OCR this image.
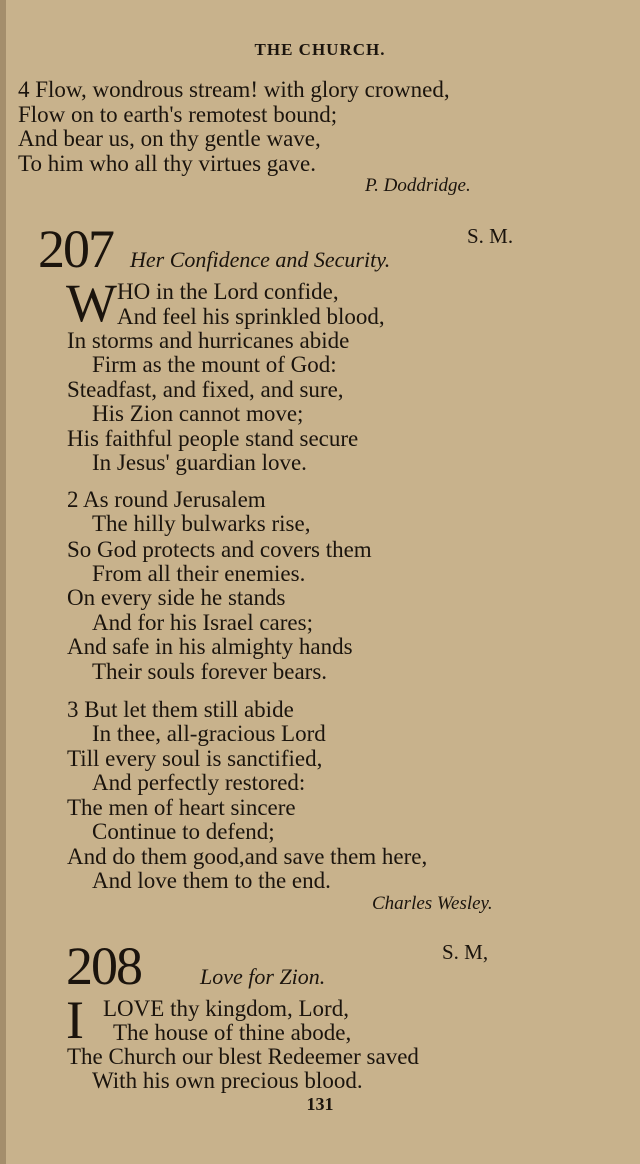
THE CHURCH.
4 Flow, wondrous stream! with glory crowned,
Flow on to earth's remotest bound;
And bear us, on thy gentle wave,
To him who all thy virtues gave.
P. Doddridge.
207	S. M.
Her Confidence and Security.
W HO in the Lord confide,
And feel his sprinkled blood,
In storms and hurricanes abide
Firm as the mount of God:
Steadfast, and fixed, and sure,
His Zion cannot move;
His faithful people stand secure
In Jesus' guardian love.
2 As round Jerusalem
The hilly bulwarks rise,
So God protects and covers them
From all their enemies.
On every side he stands
And for his Israel cares;
And safe in his almighty hands
Their souls forever bears.
3 But let them still abide
In thee, all-gracious Lord
Till every soul is sanctified,
And perfectly restored:
The men of heart sincere
Continue to defend;
And do them good,and save them here,
And love them to the end.
Charles Wesley.
208	S. M,
Love for Zion.
I LOVE thy kingdom, Lord,
The house of thine abode,
The Church our blest Redeemer saved
With his own precious blood.
131
